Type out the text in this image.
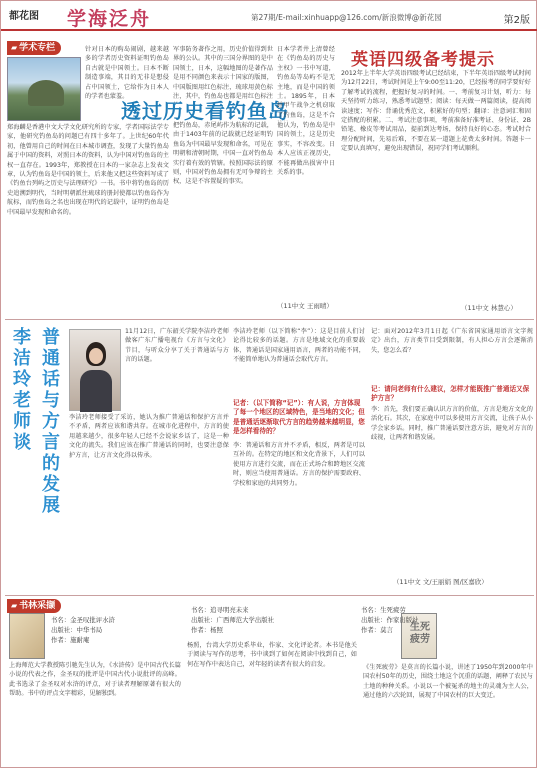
都花图 学海泛舟	第27期/E-mail:xinhuapp@126.com/新浪微博@新花园	第2版
▰ 学术专栏	针对日本的购岛闹剧，越来越多的学者历史资料证明钓鱼岛自古就是中国领土。日本不断制造事端，其目的无非是想侵占中国领土，它给作为日本人的学者也蒙羞。
郑海麟是香港中文大学文化研究所的专家，学者国际法学专家，他研究钓鱼岛的问题已有四十多年了。上世纪60年代初，他曾用自己的时间在日本城市调查，发现了大量钓鱼岛属于中国的资料，对照日本的资料，认为中国对钓鱼岛的主权一直存在。1993年，郑教授在日本的一家杂志上发表文章，认为钓鱼岛是中国的领土，后来他又把这些资料写成了《钓鱼台列屿之历史与法理研究》一书。书中将钓鱼岛的历史追溯到明代，当时明朝派往琉球的册封使都以钓鱼岛作为航标，而钓鱼岛之名也出现在明代的记载中，证明钓鱼岛是中国最早发现和命名的。
军事防务著作之用，历史价值得到世界的公认。其中的三国分界图的是中国领土，日本，这幅地图的是著作品是用不同颜色来表示十国家的版图，中国版图用红色标注，琉球用黄色标注，其中，钓鱼岛也都是用红色标注
透过历史看钓鱼岛
把钓鱼岛，赤尾屿作为航标的记载，由于1403年前的记载就已经证明钓鱼岛为中国最早发现和命名，可见在明朝和清朝时期，中国一直对钓鱼岛实行着有效的管辖。按照国际法的原则，中国对钓鱼岛拥有无可争辩的主权，这是不容置疑的事实。
日本学者井上清曾经在《钓鱼岛的历史与主权》一书中写道，钓鱼岛等岛屿不是无主地，而是中国的领土。1895年，日本趁甲午战争之机窃取了钓鱼岛，这是不合
他认为，钓鱼岛是中国的领土，这是历史事实，不容改变。日本人应该正视历史，不能再做出损害中日关系的事。
（11中文 王雨晴）
英语四级备考提示
2012年上半年大学英语四级考试已经结束，下半年英语四级考试时间为12月22日，考试时间是上午9:00至11:20，已经报考的同学要好好了解考试的流程，把握好复习的时间。一、考前复习计划，听力：每天坚持听力练习，熟悉考试题型；阅读：每天做一两篇阅读，提高阅读速度；写作：背诵优秀范文，积累好的句型；翻译：注意词汇和固定搭配的积累。二、考试注意事项，考前准备好准考证、身份证、2B铅笔、橡皮等考试用品，提前到达考场，保持良好的心态。考试时合理分配时间，先易后难，不要在某一道题上花费太多时间。答题卡一定要认真填写，避免出现错误，祝同学们考试顺利。
（11中文 林慧心）
李洁玲老师谈
普通话与方言的发展
11月12日，广东韶关学院李洁玲老师做客广东广播电视台《方言与文化》节目，与听众分享了关于普通话与方言的话题。
李洁玲老师接受了采访，她认为推广普通话和保护方言并不矛盾，两者应该和谐共存。在城市化进程中，方言的使用越来越少，很多年轻人已经不会说家乡话了，这是一种文化的流失。我们应该在推广普通话的同时，也要注意保护方言，让方言文化得以传承。
李洁玲老师（以下简称“李”）：这是目前人们讨论得比较多的话题。方言是地域文化的重要载体，普通话是国家通用语言，两者的功能不同，不能简单地认为普通话会取代方言。
记者：（以下简称“记”）：有人说，方言体现了每一个地区的区域特色，是当地的文化；但是普通话逐渐取代方言的趋势越来越明显，您是怎样看待的？
李：普通话和方言并不矛盾，相反，两者是可以互补的。在特定的地区和文化背景下，人们可以使用方言进行交流，而在正式场合和跨地区交流时，则应当使用普通话。方言的保护需要政府、学校和家庭的共同努力。
记：面对2012年3月1日起《广东省国家通用语言文字规定》出台，方言类节目受到限制，有人担心方言会逐渐消失，您怎么看？
记：请问老师有什么建议，怎样才能既推广普通话又保护方言？
李：首先，我们要正确认识方言的价值，方言是地方文化的活化石。其次，在家庭中可以多使用方言交流，让孩子从小学会家乡话。同时，推广普通话要注意方法，避免对方言的歧视，让两者和谐发展。
（11中文 文/王丽娟 图/区嘉欣）
▰ 书林采撷
书名：金圣叹批评水浒
出版社：中华书局
作者：施耐庵
上海师范大学教授陈引驰先生认为，《水浒传》是中国古代长篇小说的代表之作，金圣叹的批评是中国古代小说批评的高峰。此书选录了金圣叹对水浒的评点，对于读者理解原著有很大的帮助。书中的评点文字精彩，见解独到。
书名：追寻明亮未来
出版社：广西师范大学出版社
作者：杨照
杨照，台湾大学历史系毕业，作家、文化评论者。本书是他关于阅读与写作的思考，书中谈到了如何在阅读中找到自己，如何在写作中表达自己，对年轻的读者有很大的启发。
生死疲劳
书名：生死疲劳
出版社：作家出版社
作者：莫言
《生死疲劳》是莫言的长篇小说，讲述了1950年到2000年中国农村50年的历史，围绕土地这个沉重的话题，阐释了农民与土地的种种关系。小说以一个被冤杀的地主的灵魂为主人公，通过他的六次轮回，展现了中国农村的巨大变迁。
